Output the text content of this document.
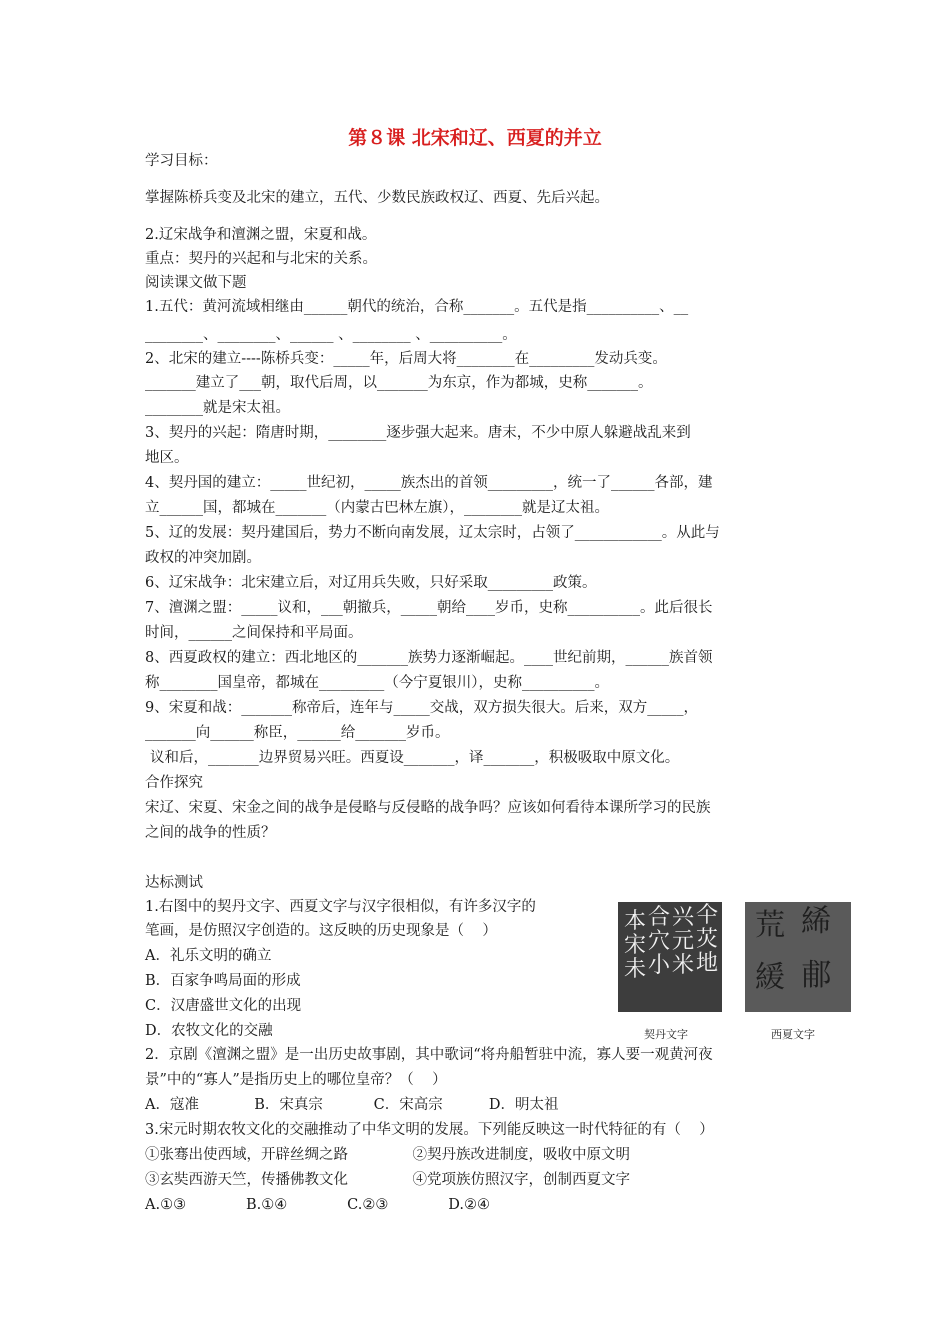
第８课 北宋和辽、西夏的并立
学习目标：
掌握陈桥兵变及北宋的建立，五代、少数民族政权辽、西夏、先后兴起。
2.辽宋战争和澶渊之盟，宋夏和战。
重点：契丹的兴起和与北宋的关系。
阅读课文做下题
1.五代：黄河流域相继由______朝代的统治，合称_______。五代是指__________、__
________、________、______ 、________ 、__________。
2、北宋的建立----陈桥兵变：_____年，后周大将________在_________发动兵变。
_______建立了___朝，取代后周，以_______为东京，作为都城，史称_______。
________就是宋太祖。
3、契丹的兴起：隋唐时期，________逐步强大起来。唐末，不少中原人躲避战乱来到
地区。
4、契丹国的建立：_____世纪初，_____族杰出的首领_________，统一了______各部，建
立______国，都城在_______（内蒙古巴林左旗），________就是辽太祖。
5、辽的发展：契丹建国后，势力不断向南发展，辽太宗时，占领了____________。从此与
政权的冲突加剧。
6、辽宋战争：北宋建立后，对辽用兵失败，只好采取_________政策。
7、澶渊之盟：_____议和，___朝撤兵，_____朝给____岁币，史称__________。此后很长
时间，______之间保持和平局面。
8、西夏政权的建立：西北地区的_______族势力逐渐崛起。____世纪前期，______族首领
称________国皇帝，都城在_________（今宁夏银川），史称__________。
9、宋夏和战：_______称帝后，连年与_____交战，双方损失很大。后来，双方_____，
_______向______称臣，______给_______岁币。
议和后，_______边界贸易兴旺。西夏设_______，译_______，积极吸取中原文化。
合作探究
宋辽、宋夏、宋金之间的战争是侵略与反侵略的战争吗？应该如何看待本课所学习的民族
之间的战争的性质？
达标测试
1.右图中的契丹文字、西夏文字与汉字很相似，有许多汉字的
笔画，是仿照汉字创造的。这反映的历史现象是（    ）
A．礼乐文明的确立
B．百家争鸣局面的形成
C．汉唐盛世文化的出现
D．农牧文化的交融
2．京剧《澶渊之盟》是一出历史故事剧，其中歌词“将舟船暂驻中流，寡人要一观黄河夜
景”中的“寡人”是指历史上的哪位皇帝？（    ）
A．寇准            B．宋真宗           C．宋高宗          D．明太祖
3.宋元时期农牧文化的交融推动了中华文明的发展。下列能反映这一时代特征的有（    ）
①张骞出使西域，开辟丝绸之路              ②契丹族改进制度，吸收中原文明
③玄奘西游天竺，传播佛教文化              ④党项族仿照汉字，创制西夏文字
A.①③             B.①④             C.②③             D.②④
本
宋
未
合
穴
小
兴
元
米
仐
苂
地
契丹文字
荒 絺
緩 郙
西夏文字
